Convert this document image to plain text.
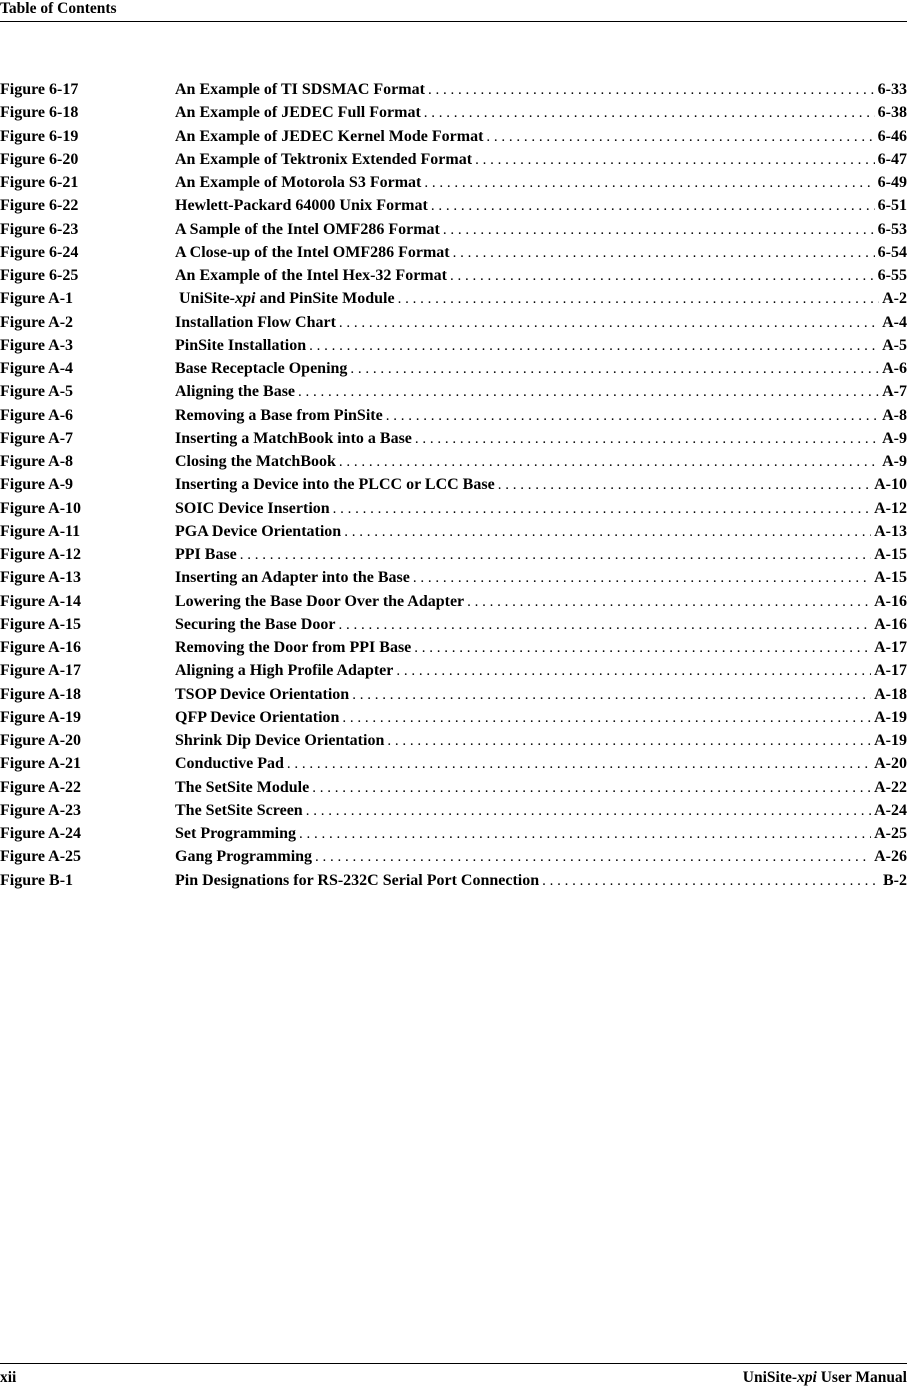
Table of Contents
Figure 6-17	An Example of TI SDSMAC Format . . .	6-33
Figure 6-18	An Example of JEDEC Full Format . . .	6-38
Figure 6-19	An Example of JEDEC Kernel Mode Format . . .	6-46
Figure 6-20	An Example of Tektronix Extended Format . . .	6-47
Figure 6-21	An Example of Motorola S3 Format . . .	6-49
Figure 6-22	Hewlett-Packard 64000 Unix Format . . .	6-51
Figure 6-23	A Sample of the Intel OMF286 Format . . .	6-53
Figure 6-24	A Close-up of the Intel OMF286 Format . . .	6-54
Figure 6-25	An Example of the Intel Hex-32 Format . . .	6-55
Figure A-1	UniSite-xpi and PinSite Module . . .	A-2
Figure A-2	Installation Flow Chart . . .	A-4
Figure A-3	PinSite Installation . . .	A-5
Figure A-4	Base Receptacle Opening . . .	A-6
Figure A-5	Aligning the Base . . .	A-7
Figure A-6	Removing a Base from PinSite . . .	A-8
Figure A-7	Inserting a MatchBook into a Base . . .	A-9
Figure A-8	Closing the MatchBook . . .	A-9
Figure A-9	Inserting a Device into the PLCC or LCC Base . . .	A-10
Figure A-10	SOIC Device Insertion . . .	A-12
Figure A-11	PGA Device Orientation . . .	A-13
Figure A-12	PPI Base . . .	A-15
Figure A-13	Inserting an Adapter into the Base . . .	A-15
Figure A-14	Lowering the Base Door Over the Adapter . . .	A-16
Figure A-15	Securing the Base Door . . .	A-16
Figure A-16	Removing the Door from PPI Base . . .	A-17
Figure A-17	Aligning a High Profile Adapter . . .	A-17
Figure A-18	TSOP Device Orientation . . .	A-18
Figure A-19	QFP Device Orientation . . .	A-19
Figure A-20	Shrink Dip Device Orientation . . .	A-19
Figure A-21	Conductive Pad . . .	A-20
Figure A-22	The SetSite Module . . .	A-22
Figure A-23	The SetSite Screen . . .	A-24
Figure A-24	Set Programming . . .	A-25
Figure A-25	Gang Programming . . .	A-26
Figure B-1	Pin Designations for RS-232C Serial Port Connection . . .	B-2
xii	UniSite-xpi User Manual
